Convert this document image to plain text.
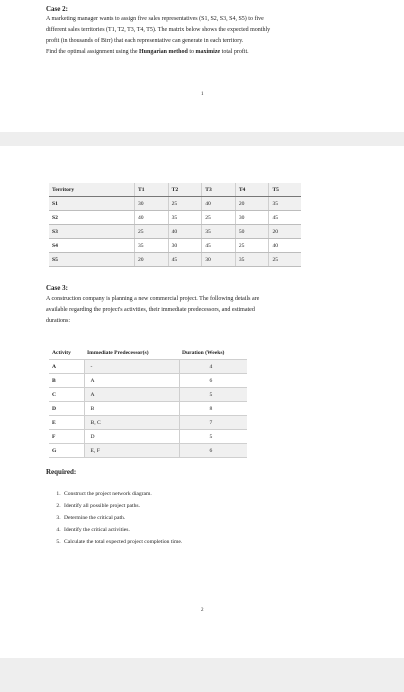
Case 2:

A marketing manager wants to assign five sales representatives (S1, S2, S3, S4, S5) to five
different sales territories (T1, T2, T3, T4, T5). The matrix below shows the expected monthly
profit (in thousands of Birr) that each representative can generate in each territory.
Find the optimal assignment using the Hungarian method to maximize total profit.

1
Territory	T1	T2	T3	T4	T5
S1	30	25	40	20	35
S2	40	35	25	30	45
S3	25	40	35	50	20
S4	35	30	45	25	40
S5	20	45	30	35	25
Case 3:

A construction company is planning a new commercial project. The following details are
available regarding the project's activities, their immediate predecessors, and estimated
durations:

Activity	Immediate Predecessor(s)	Duration (Weeks)
A	-	4
B	A	6
C	A	5
D	B	8
E	B, C	7
F	D	5
G	E, F	6
Required:
1. Construct the project network diagram.
2. Identify all possible project paths.
3. Determine the critical path.
4. Identify the critical activities.
5. Calculate the total expected project completion time.
2
